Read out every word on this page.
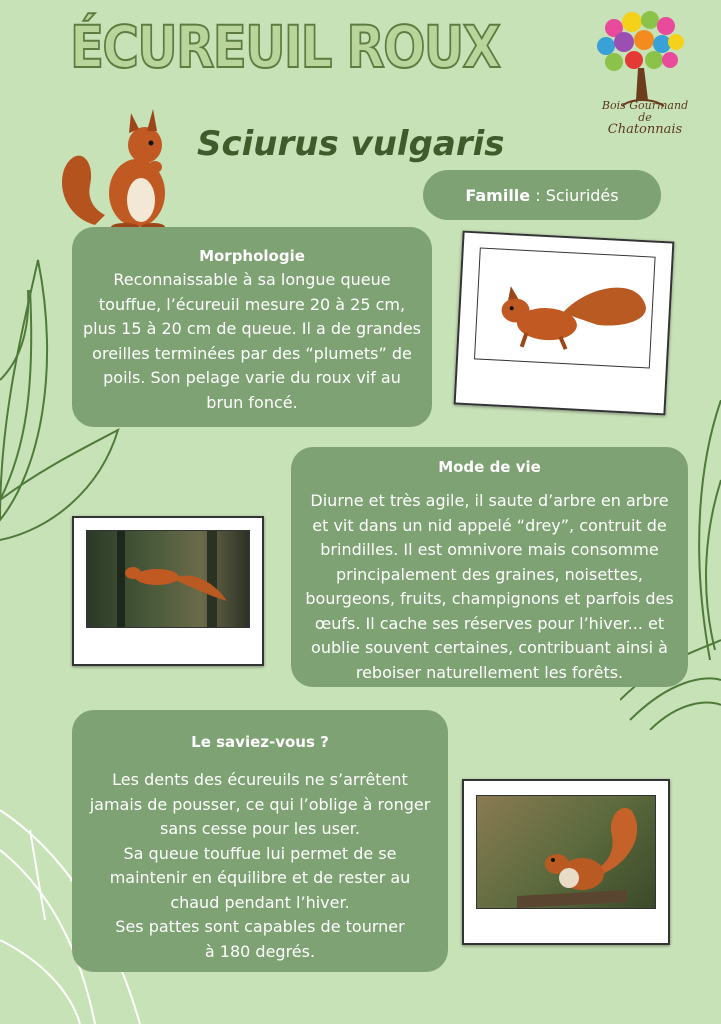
ÉCUREUIL ROUX
Bois Gourmand
de
Chatonnais
Sciurus vulgaris
Famille : Sciuridés
Morphologie
Reconnaissable à sa longue queue
touffue, l’écureuil mesure 20 à 25 cm,
plus 15 à 20 cm de queue. Il a de grandes
oreilles terminées par des “plumets” de
poils. Son pelage varie du roux vif au
brun foncé.
Mode de vie
Diurne et très agile, il saute d’arbre en arbre
et vit dans un nid appelé “drey”, contruit de
brindilles. Il est omnivore mais consomme
principalement des graines, noisettes,
bourgeons, fruits, champignons et parfois des
œufs. Il cache ses réserves pour l’hiver... et
oublie souvent certaines, contribuant ainsi à
reboiser naturellement les forêts.
Le saviez-vous ?
Les dents des écureuils ne s’arrêtent
jamais de pousser, ce qui l’oblige à ronger
sans cesse pour les user.
Sa queue touffue lui permet de se
maintenir en équilibre et de rester au
chaud pendant l’hiver.
Ses pattes sont capables de tourner
à 180 degrés.
